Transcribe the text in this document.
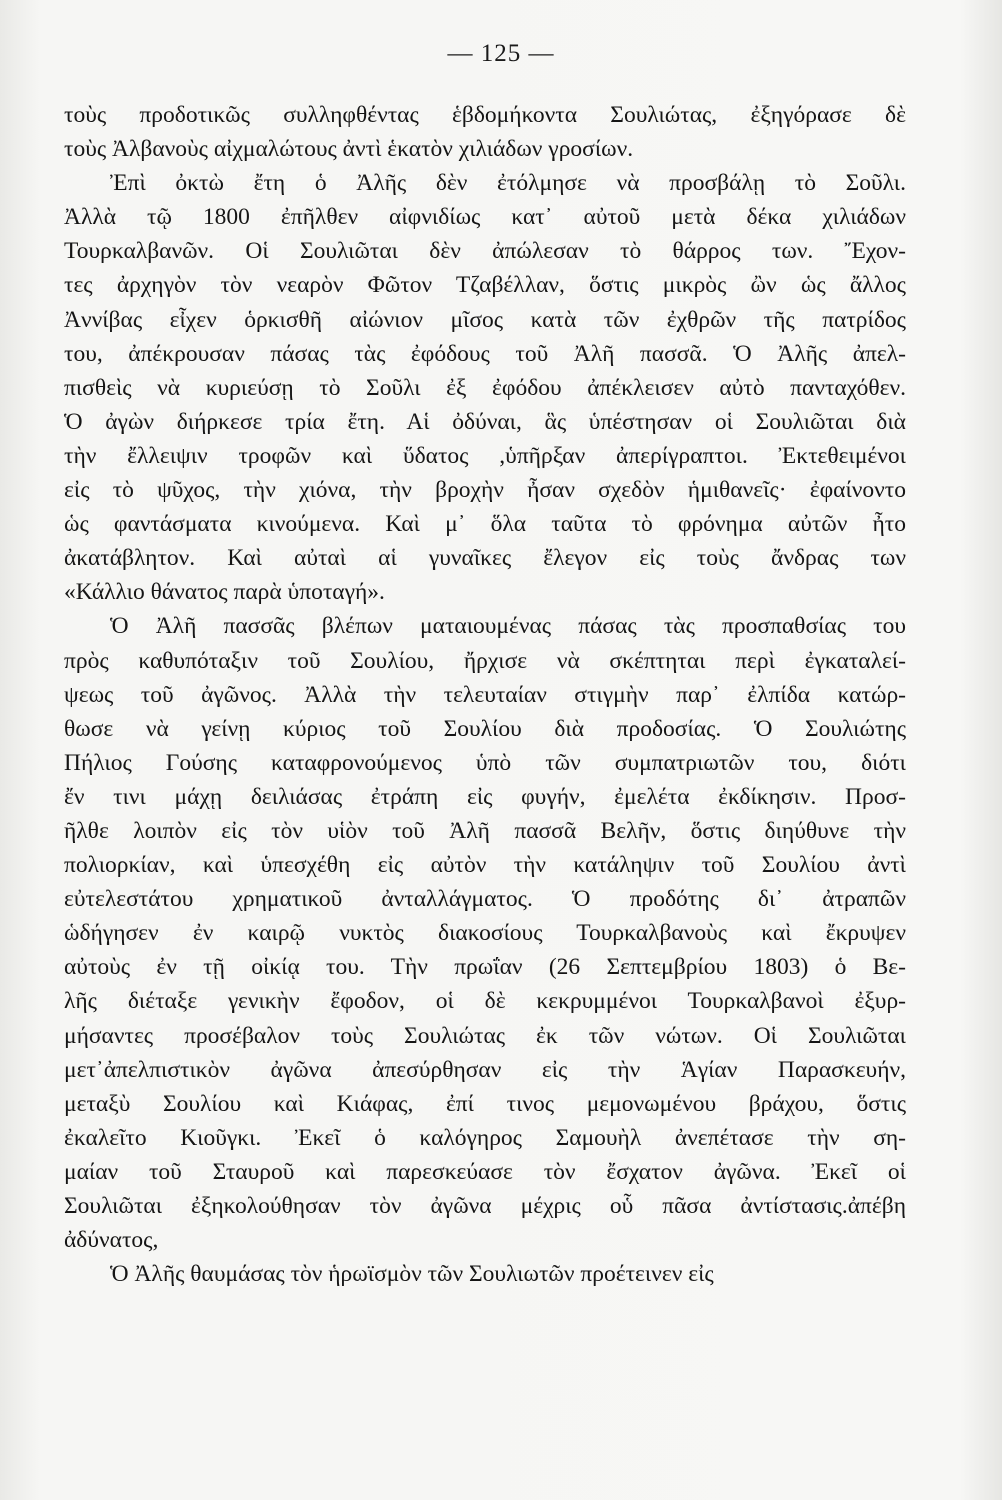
— 125 —
τοὺς προδοτικῶς συλληφθέντας ἑβδομήκοντα Σουλιώτας, ἐξηγόρασε δὲ
τοὺς Ἀλβανοὺς αἰχμαλώτους ἀντὶ ἑκατὸν χιλιάδων γροσίων.
Ἐπὶ ὀκτὼ ἔτη ὁ Ἀλῆς δὲν ἐτόλμησε νὰ προσβάλῃ τὸ Σοῦλι.
Ἀλλὰ τῷ 1800 ἐπῆλθεν αἰφνιδίως κατ᾽ αὐτοῦ μετὰ δέκα χιλιάδων
Τουρκαλβανῶν. Οἱ Σουλιῶται δὲν ἀπώλεσαν τὸ θάρρος των. Ἔχον-
τες ἀρχηγὸν τὸν νεαρὸν Φῶτον Τζαβέλλαν, ὅστις μικρὸς ὢν ὡς ἄλλος
Ἀννίβας εἶχεν ὁρκισθῆ αἰώνιον μῖσος κατὰ τῶν ἐχθρῶν τῆς πατρίδος
του, ἀπέκρουσαν πάσας τὰς ἐφόδους τοῦ Ἀλῆ πασσᾶ. Ὁ Ἀλῆς ἀπελ-
πισθεὶς νὰ κυριεύσῃ τὸ Σοῦλι ἐξ ἐφόδου ἀπέκλεισεν αὐτὸ πανταχόθεν.
Ὁ ἀγὼν διήρκεσε τρία ἔτη. Αἱ ὀδύναι, ἃς ὑπέστησαν οἱ Σουλιῶται διὰ
τὴν ἔλλειψιν τροφῶν καὶ ὕδατος ,ὑπῆρξαν ἀπερίγραπτοι. Ἐκτεθειμένοι
εἰς τὸ ψῦχος, τὴν χιόνα, τὴν βροχὴν ἦσαν σχεδὸν ἡμιθανεῖς· ἐφαίνοντο
ὡς φαντάσματα κινούμενα. Καὶ μ᾽ ὅλα ταῦτα τὸ φρόνημα αὐτῶν ἦτο
ἀκατάβλητον. Καὶ αὐταὶ αἱ γυναῖκες ἔλεγον εἰς τοὺς ἄνδρας των
«Κάλλιο θάνατος παρὰ ὑποταγή».
Ὁ Ἀλῆ πασσᾶς βλέπων ματαιουμένας πάσας τὰς προσπαθσίας του
πρὸς καθυπόταξιν τοῦ Σουλίου, ἤρχισε νὰ σκέπτηται περὶ ἐγκαταλεί-
ψεως τοῦ ἀγῶνος. Ἀλλὰ τὴν τελευταίαν στιγμὴν παρ᾽ ἐλπίδα κατώρ-
θωσε νὰ γείνῃ κύριος τοῦ Σουλίου διὰ προδοσίας. Ὁ Σουλιώτης
Πήλιος Γούσης καταφρονούμενος ὑπὸ τῶν συμπατριωτῶν του, διότι
ἔν τινι μάχῃ δειλιάσας ἐτράπη εἰς φυγήν, ἐμελέτα ἐκδίκησιν. Προσ-
ῆλθε λοιπὸν εἰς τὸν υἱὸν τοῦ Ἀλῆ πασσᾶ Βελῆν, ὅστις διηύθυνε τὴν
πολιορκίαν, καὶ ὑπεσχέθη εἰς αὐτὸν τὴν κατάληψιν τοῦ Σουλίου ἀντὶ
εὐτελεστάτου χρηματικοῦ ἀνταλλάγματος. Ὁ προδότης δι᾽ ἀτραπῶν
ὡδήγησεν ἐν καιρῷ νυκτὸς διακοσίους Τουρκαλβανοὺς καὶ ἔκρυψεν
αὐτοὺς ἐν τῇ οἰκίᾳ του. Τὴν πρωΐαν (26 Σεπτεμβρίου 1803) ὁ Βε-
λῆς διέταξε γενικὴν ἔφοδον, οἱ δὲ κεκρυμμένοι Τουρκαλβανοὶ ἐξυρ-
μήσαντες προσέβαλον τοὺς Σουλιώτας ἐκ τῶν νώτων. Οἱ Σουλιῶται
μετ᾽ἀπελπιστικὸν ἀγῶνα ἀπεσύρθησαν εἰς τὴν Ἁγίαν Παρασκευήν,
μεταξὺ Σουλίου καὶ Κιάφας, ἐπί τινος μεμονωμένου βράχου, ὅστις
ἐκαλεῖτο Κιοῦγκι. Ἐκεῖ ὁ καλόγηρος Σαμουὴλ ἀνεπέτασε τὴν ση-
μαίαν τοῦ Σταυροῦ καὶ παρεσκεύασε τὸν ἔσχατον ἀγῶνα. Ἐκεῖ οἱ
Σουλιῶται ἐξηκολούθησαν τὸν ἀγῶνα μέχρις οὗ πᾶσα ἀντίστασις.ἀπέβη
ἀδύνατος,
Ὁ Ἀλῆς θαυμάσας τὸν ἡρωϊσμὸν τῶν Σουλιωτῶν προέτεινεν εἰς
